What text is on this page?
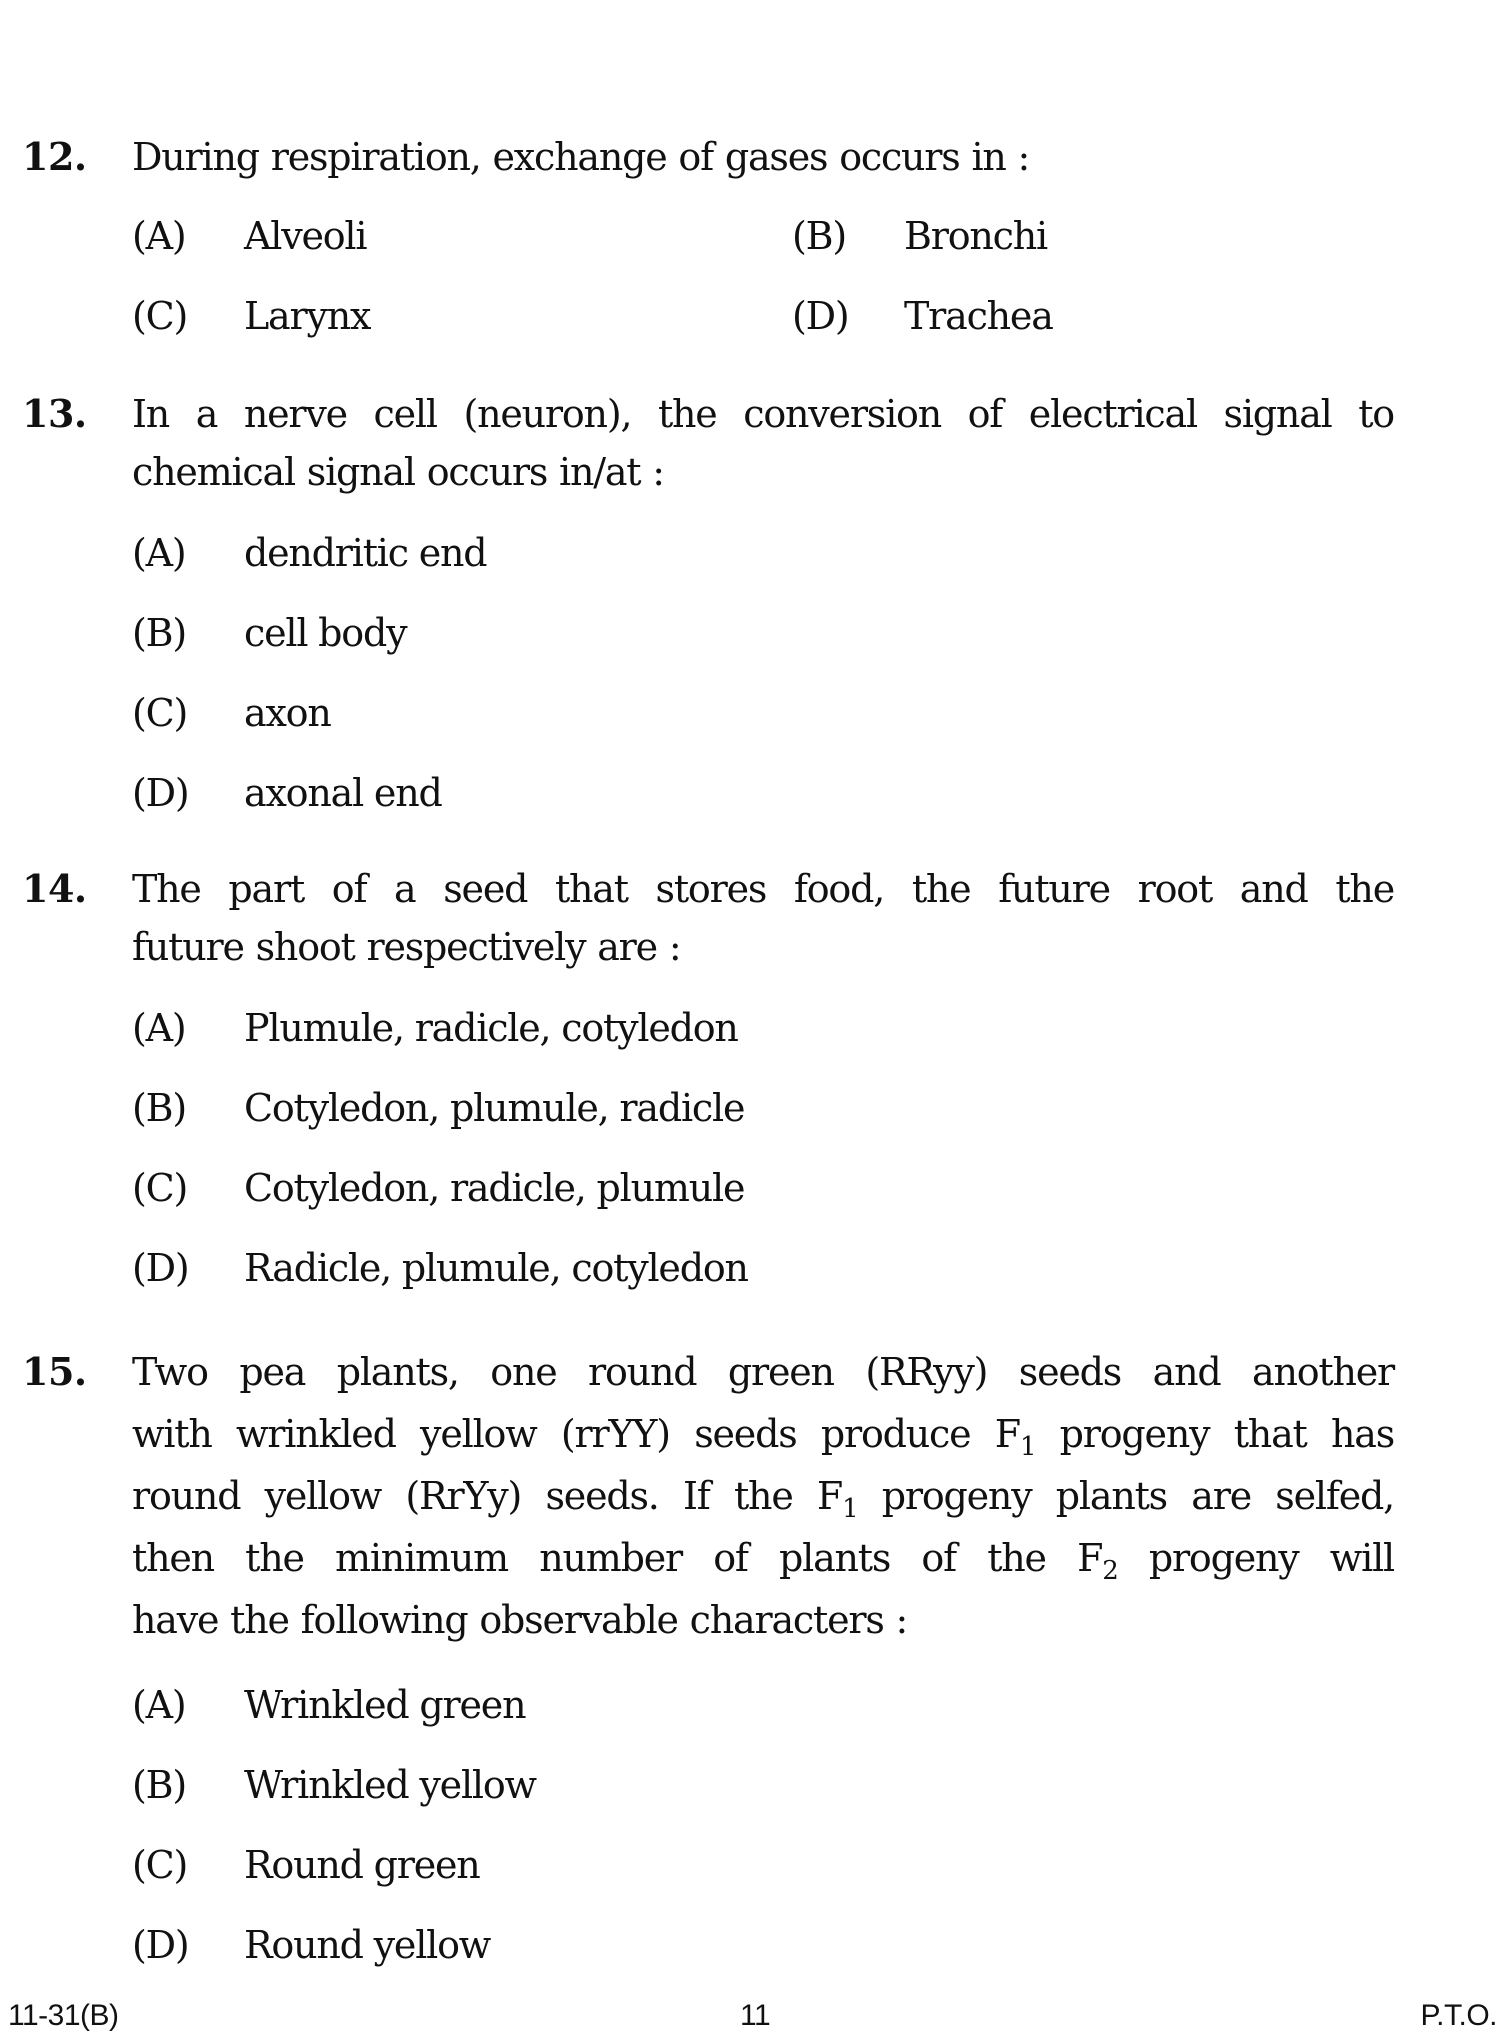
12. During respiration, exchange of gases occurs in :
(A) Alveoli	(B) Bronchi
(C) Larynx	(D) Trachea
13. In a nerve cell (neuron), the conversion of electrical signal to
chemical signal occurs in/at :
(A) dendritic end
(B) cell body
(C) axon
(D) axonal end
14. The part of a seed that stores food, the future root and the
future shoot respectively are :
(A) Plumule, radicle, cotyledon
(B) Cotyledon, plumule, radicle
(C) Cotyledon, radicle, plumule
(D) Radicle, plumule, cotyledon
15. Two pea plants, one round green (RRyy) seeds and another
with wrinkled yellow (rrYY) seeds produce $F_1$ progeny that has
round yellow (RrYy) seeds. If the $F_1$ progeny plants are selfed,
then the minimum number of plants of the $F_2$ progeny will
have the following observable characters :
(A) Wrinkled green
(B) Wrinkled yellow
(C) Round green
(D) Round yellow
11-31(B)	11	P.T.O.
